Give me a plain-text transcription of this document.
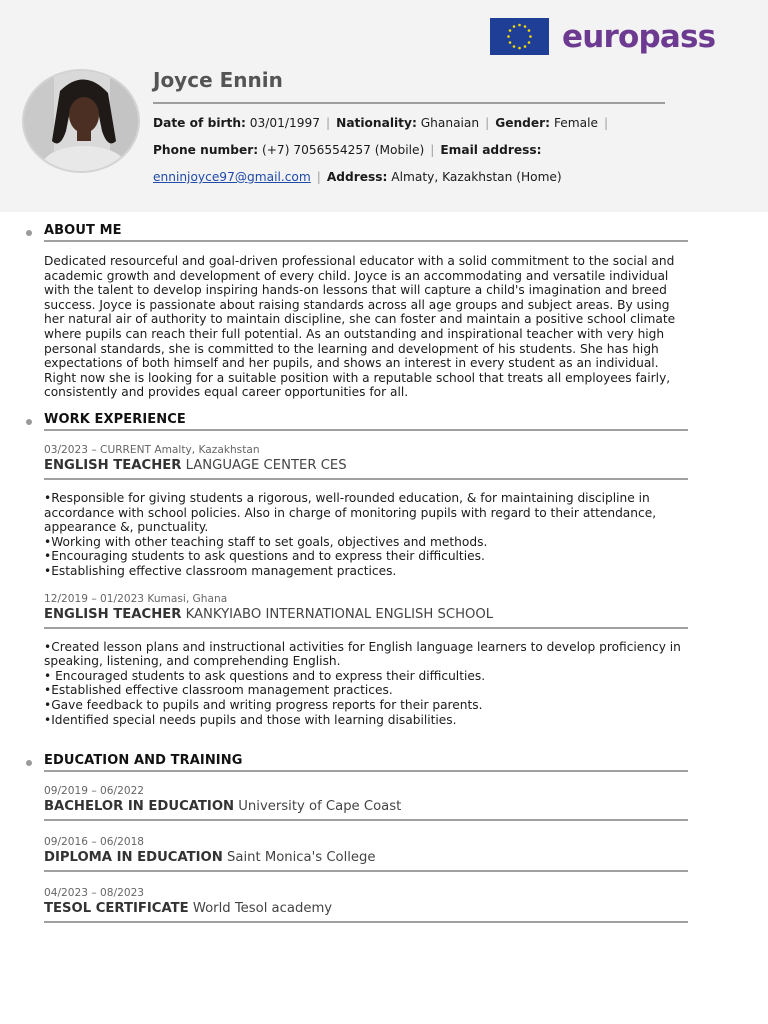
europass
Joyce Ennin
Date of birth: 03/01/1997 | Nationality: Ghanaian | Gender: Female |
Phone number: (+7) 7056554257 (Mobile) | Email address:
enninjoyce97@gmail.com | Address: Almaty, Kazakhstan (Home)
ABOUT ME
Dedicated resourceful and goal-driven professional educator with a solid commitment to the social and academic growth and development of every child. Joyce is an accommodating and versatile individual with the talent to develop inspiring hands-on lessons that will capture a child's imagination and breed success. Joyce is passionate about raising standards across all age groups and subject areas. By using her natural air of authority to maintain discipline, she can foster and maintain a positive school climate where pupils can reach their full potential. As an outstanding and inspirational teacher with very high personal standards, she is committed to the learning and development of his students. She has high expectations of both himself and her pupils, and shows an interest in every student as an individual. Right now she is looking for a suitable position with a reputable school that treats all employees fairly, consistently and provides equal career opportunities for all.
WORK EXPERIENCE
03/2023 – CURRENT Amalty, Kazakhstan
ENGLISH TEACHER LANGUAGE CENTER CES
•Responsible for giving students a rigorous, well-rounded education, & for maintaining discipline in accordance with school policies. Also in charge of monitoring pupils with regard to their attendance, appearance &, punctuality.
•Working with other teaching staff to set goals, objectives and methods.
•Encouraging students to ask questions and to express their difficulties.
•Establishing effective classroom management practices.
12/2019 – 01/2023 Kumasi, Ghana
ENGLISH TEACHER KANKYIABO INTERNATIONAL ENGLISH SCHOOL
•Created lesson plans and instructional activities for English language learners to develop proficiency in speaking, listening, and comprehending English.
• Encouraged students to ask questions and to express their difficulties.
•Established effective classroom management practices.
•Gave feedback to pupils and writing progress reports for their parents.
•Identified special needs pupils and those with learning disabilities.
EDUCATION AND TRAINING
09/2019 – 06/2022
BACHELOR IN EDUCATION University of Cape Coast
09/2016 – 06/2018
DIPLOMA IN EDUCATION Saint Monica's College
04/2023 – 08/2023
TESOL CERTIFICATE World Tesol academy
